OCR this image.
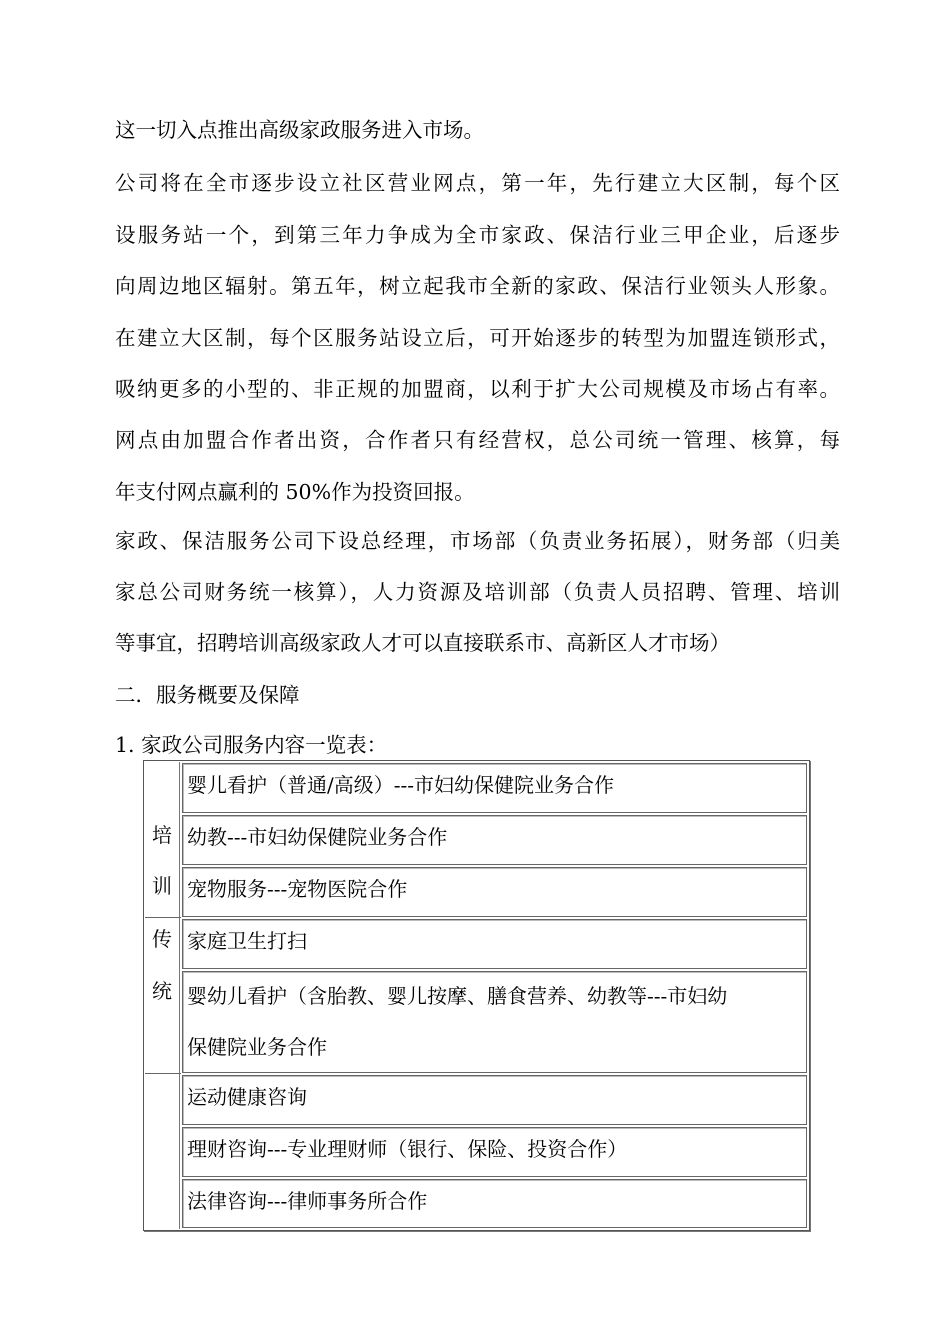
这一切入点推出高级家政服务进入市场。
公司将在全市逐步设立社区营业网点，第一年，先行建立大区制，每个区
设服务站一个，到第三年力争成为全市家政、保洁行业三甲企业，后逐步
向周边地区辐射。第五年，树立起我市全新的家政、保洁行业领头人形象。
在建立大区制，每个区服务站设立后，可开始逐步的转型为加盟连锁形式，
吸纳更多的小型的、非正规的加盟商，以利于扩大公司规模及市场占有率。
网点由加盟合作者出资，合作者只有经营权，总公司统一管理、核算，每
年支付网点赢利的 50%作为投资回报。
家政、保洁服务公司下设总经理，市场部（负责业务拓展），财务部（归美
家总公司财务统一核算），人力资源及培训部（负责人员招聘、管理、培训
等事宜，招聘培训高级家政人才可以直接联系市、高新区人才市场）
二．服务概要及保障
1. 家政公司服务内容一览表：
培
训
传
统
婴儿看护（普通/高级）---市妇幼保健院业务合作
幼教---市妇幼保健院业务合作
宠物服务---宠物医院合作
家庭卫生打扫
婴幼儿看护（含胎教、婴儿按摩、膳食营养、幼教等---市妇幼
保健院业务合作
运动健康咨询
理财咨询---专业理财师（银行、保险、投资合作）
法律咨询---律师事务所合作
